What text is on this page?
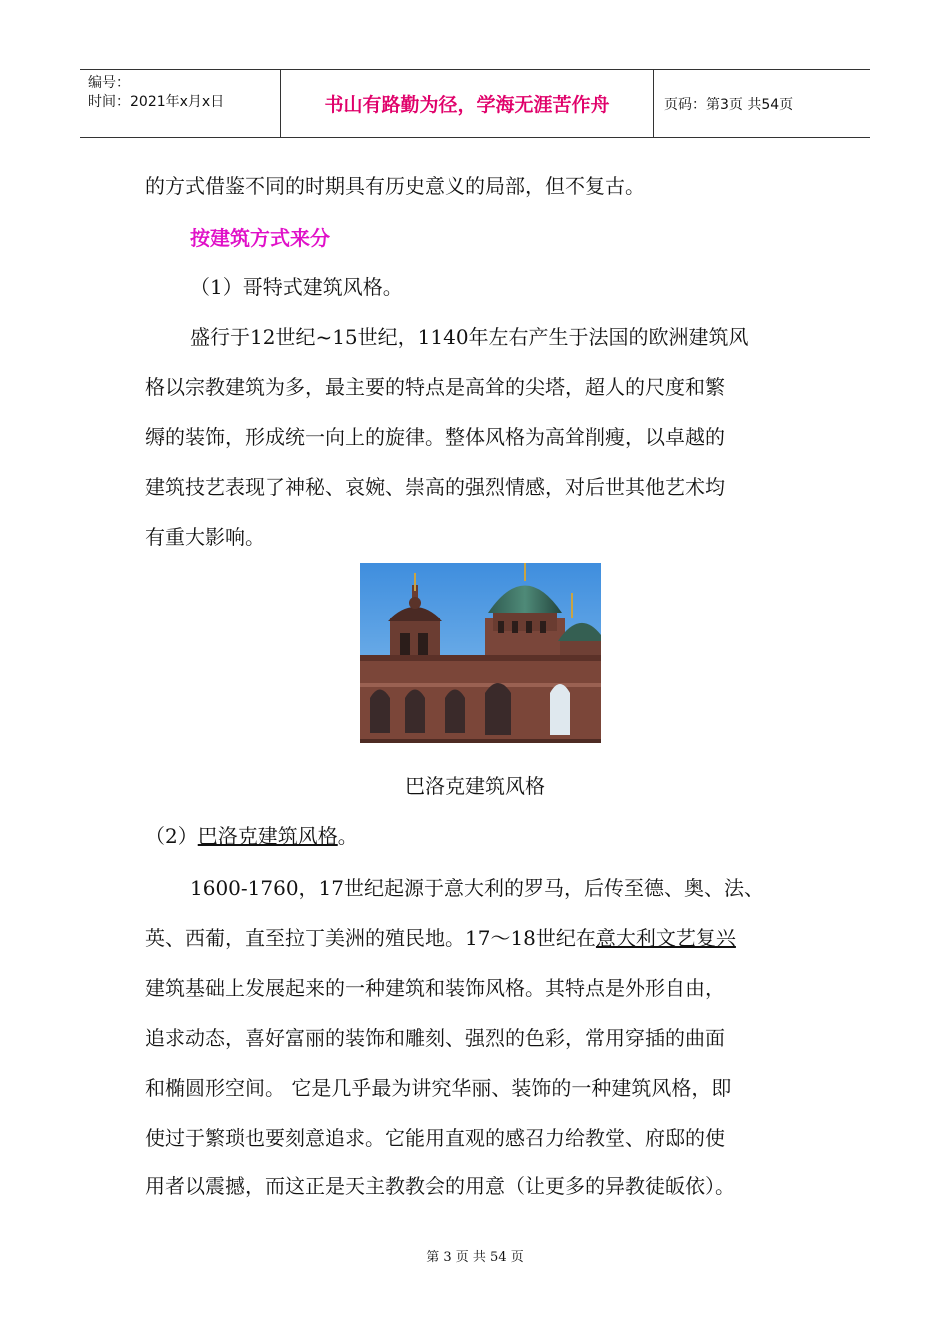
编号：
时间：2021年x月x日	书山有路勤为径，学海无涯苦作舟	页码：第3页 共54页
的方式借鉴不同的时期具有历史意义的局部，但不复古。
按建筑方式来分
（1）哥特式建筑风格。
盛行于12世纪~15世纪，1140年左右产生于法国的欧洲建筑风
格以宗教建筑为多，最主要的特点是高耸的尖塔，超人的尺度和繁
缛的装饰，形成统一向上的旋律。整体风格为高耸削瘦，以卓越的
建筑技艺表现了神秘、哀婉、崇高的强烈情感，对后世其他艺术均
有重大影响。
巴洛克建筑风格
（2）巴洛克建筑风格。
1600-1760，17世纪起源于意大利的罗马，后传至德、奥、法、
英、西葡，直至拉丁美洲的殖民地。17～18世纪在意大利文艺复兴
建筑基础上发展起来的一种建筑和装饰风格。其特点是外形自由，
追求动态，喜好富丽的装饰和雕刻、强烈的色彩，常用穿插的曲面
和椭圆形空间。 它是几乎最为讲究华丽、装饰的一种建筑风格，即
使过于繁琐也要刻意追求。它能用直观的感召力给教堂、府邸的使
用者以震撼，而这正是天主教教会的用意（让更多的异教徒皈依）。
第 3 页 共 54 页
